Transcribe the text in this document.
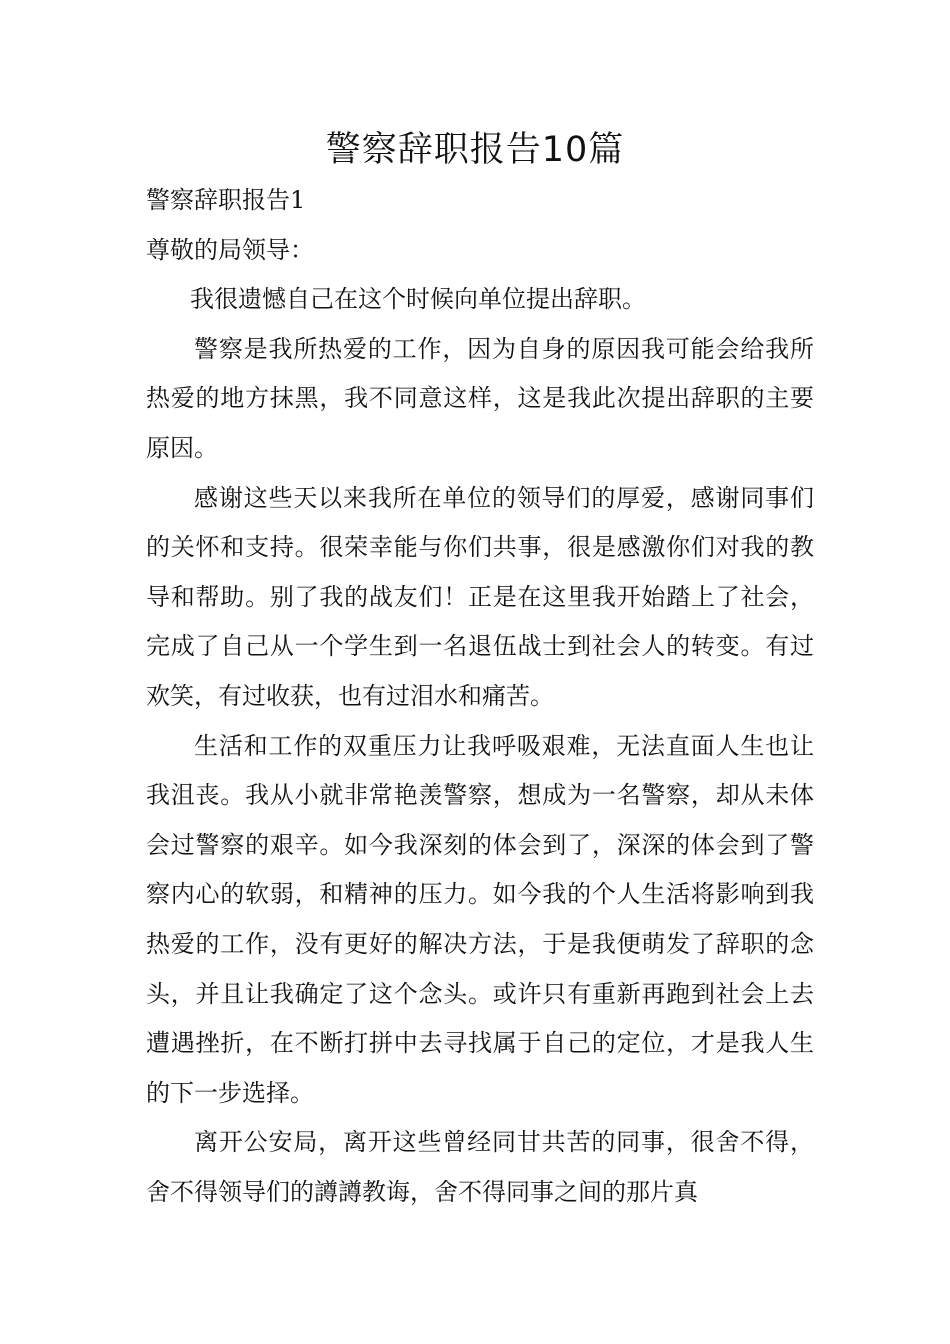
警察辞职报告10篇

警察辞职报告1

尊敬的局领导：

我很遗憾自己在这个时候向单位提出辞职。

警察是我所热爱的工作，因为自身的原因我可能会给我所热爱的地方抹黑，我不同意这样，这是我此次提出辞职的主要原因。

感谢这些天以来我所在单位的领导们的厚爱，感谢同事们的关怀和支持。很荣幸能与你们共事，很是感激你们对我的教导和帮助。别了我的战友们！正是在这里我开始踏上了社会，完成了自己从一个学生到一名退伍战士到社会人的转变。有过欢笑，有过收获，也有过泪水和痛苦。

生活和工作的双重压力让我呼吸艰难，无法直面人生也让我沮丧。我从小就非常艳羡警察，想成为一名警察，却从未体会过警察的艰辛。如今我深刻的体会到了，深深的体会到了警察内心的软弱，和精神的压力。如今我的个人生活将影响到我热爱的工作，没有更好的解决方法，于是我便萌发了辞职的念头，并且让我确定了这个念头。或许只有重新再跑到社会上去遭遇挫折，在不断打拼中去寻找属于自己的定位，才是我人生的下一步选择。

离开公安局，离开这些曾经同甘共苦的同事，很舍不得，舍不得领导们的譐譐教诲，舍不得同事之间的那片真
